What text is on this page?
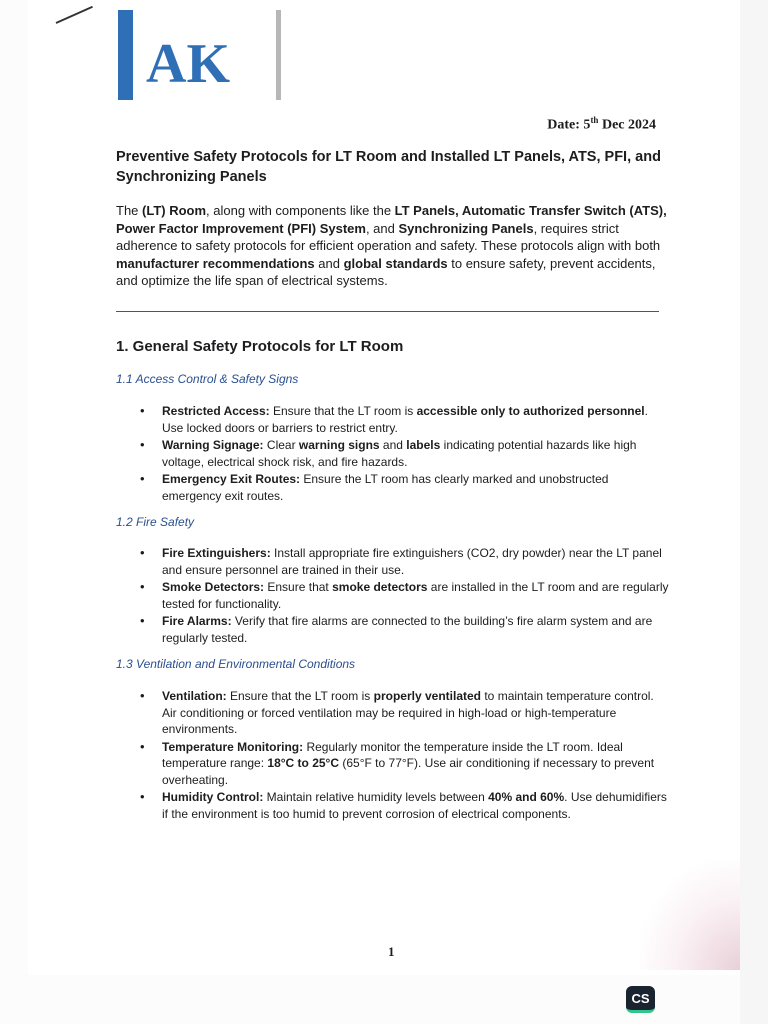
AK
Date: 5th Dec 2024
Preventive Safety Protocols for LT Room and Installed LT Panels, ATS, PFI, and Synchronizing Panels
The (LT) Room, along with components like the LT Panels, Automatic Transfer Switch (ATS), Power Factor Improvement (PFI) System, and Synchronizing Panels, requires strict adherence to safety protocols for efficient operation and safety. These protocols align with both manufacturer recommendations and global standards to ensure safety, prevent accidents, and optimize the life span of electrical systems.
1. General Safety Protocols for LT Room
1.1 Access Control & Safety Signs
• Restricted Access: Ensure that the LT room is accessible only to authorized personnel. Use locked doors or barriers to restrict entry.
• Warning Signage: Clear warning signs and labels indicating potential hazards like high voltage, electrical shock risk, and fire hazards.
• Emergency Exit Routes: Ensure the LT room has clearly marked and unobstructed emergency exit routes.
1.2 Fire Safety
• Fire Extinguishers: Install appropriate fire extinguishers (CO2, dry powder) near the LT panel and ensure personnel are trained in their use.
• Smoke Detectors: Ensure that smoke detectors are installed in the LT room and are regularly tested for functionality.
• Fire Alarms: Verify that fire alarms are connected to the building’s fire alarm system and are regularly tested.
1.3 Ventilation and Environmental Conditions
• Ventilation: Ensure that the LT room is properly ventilated to maintain temperature control. Air conditioning or forced ventilation may be required in high-load or high-temperature environments.
• Temperature Monitoring: Regularly monitor the temperature inside the LT room. Ideal temperature range: 18°C to 25°C (65°F to 77°F). Use air conditioning if necessary to prevent overheating.
• Humidity Control: Maintain relative humidity levels between 40% and 60%. Use dehumidifiers if the environment is too humid to prevent corrosion of electrical components.
1
CS
